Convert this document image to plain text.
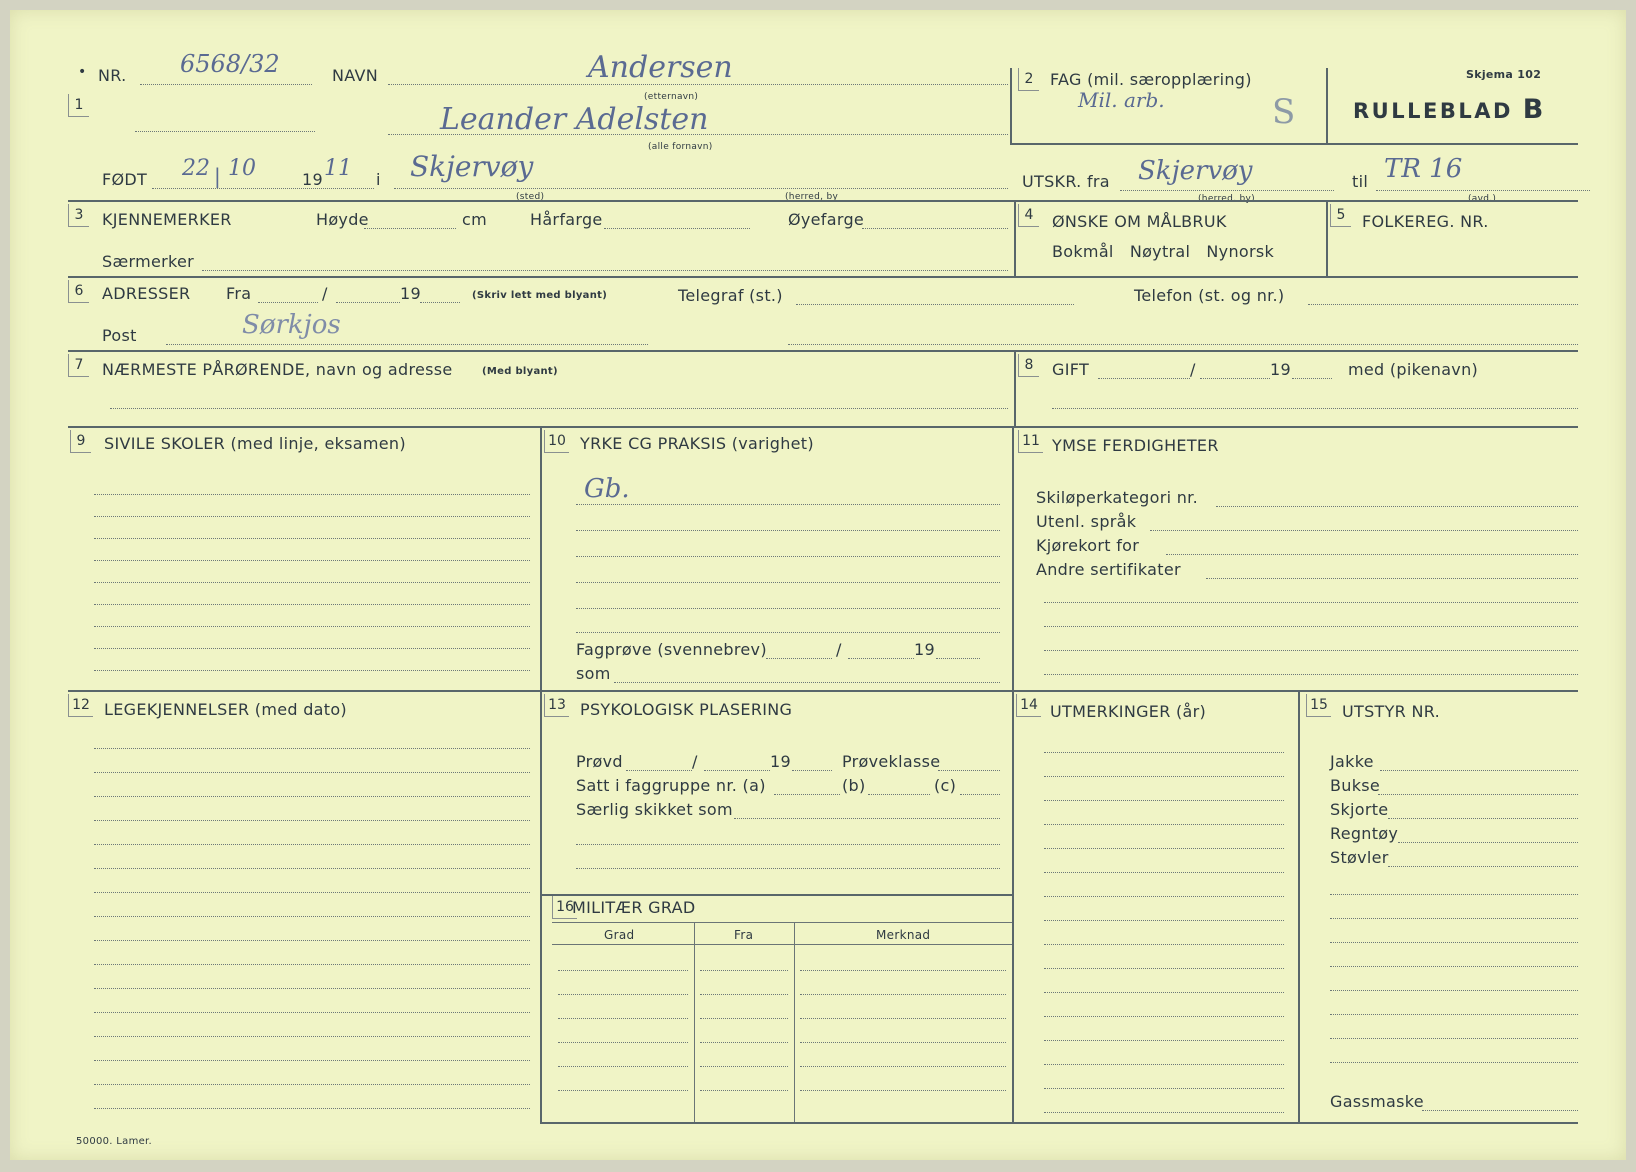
• NR. 6568/32	NAVN	Andersen
(etternavn)
1	Leander Adelsten
(alle fornavn)
2	FAG (mil. særopplæring)
Mil. arb.	S
Skjema 102
RULLEBLAD B
FØDT 22 | 10	19 11 i Skjervøy
(sted)	(herred, by
UTSKR. fra Skjervøy
(herred, by)
til TR 16
(avd.)
3	KJENNEMERKER	Høyde	cm	Hårfarge	Øyefarge
Særmerker
4	ØNSKE OM MÅLBRUK
Bokmål   Nøytral   Nynorsk
5	FOLKEREG. NR.
6	ADRESSER Fra	/	19	(Skriv lett med blyant)	Telegraf (st.)	Telefon (st. og nr.)
Post	Sørkjos
7	NÆRMESTE PÅRØRENDE, navn og adresse	(Med blyant)	8	GIFT	/	19	med (pikenavn)
9	SIVILE SKOLER (med linje, eksamen)	10 YRKE CG PRAKSIS (varighet)
Gb.
Fagprøve (svennebrev)	/	19
som
11 YMSE FERDIGHETER
Skiløperkategori nr.
Utenl. språk
Kjørekort for
Andre sertifikater
12 LEGEKJENNELSER (med dato)	13 PSYKOLOGISK PLASERING
Prøvd	/	19	Prøveklasse
Satt i faggruppe nr. (a)	(b)	(c)
Særlig skikket som
16
MILITÆR GRAD
Grad	Fra	Merknad
14 UTMERKINGER (år)	15 UTSTYR NR.
Jakke
Bukse
Skjorte
Regntøy
Støvler
Gassmaske
50000. Lamer.
